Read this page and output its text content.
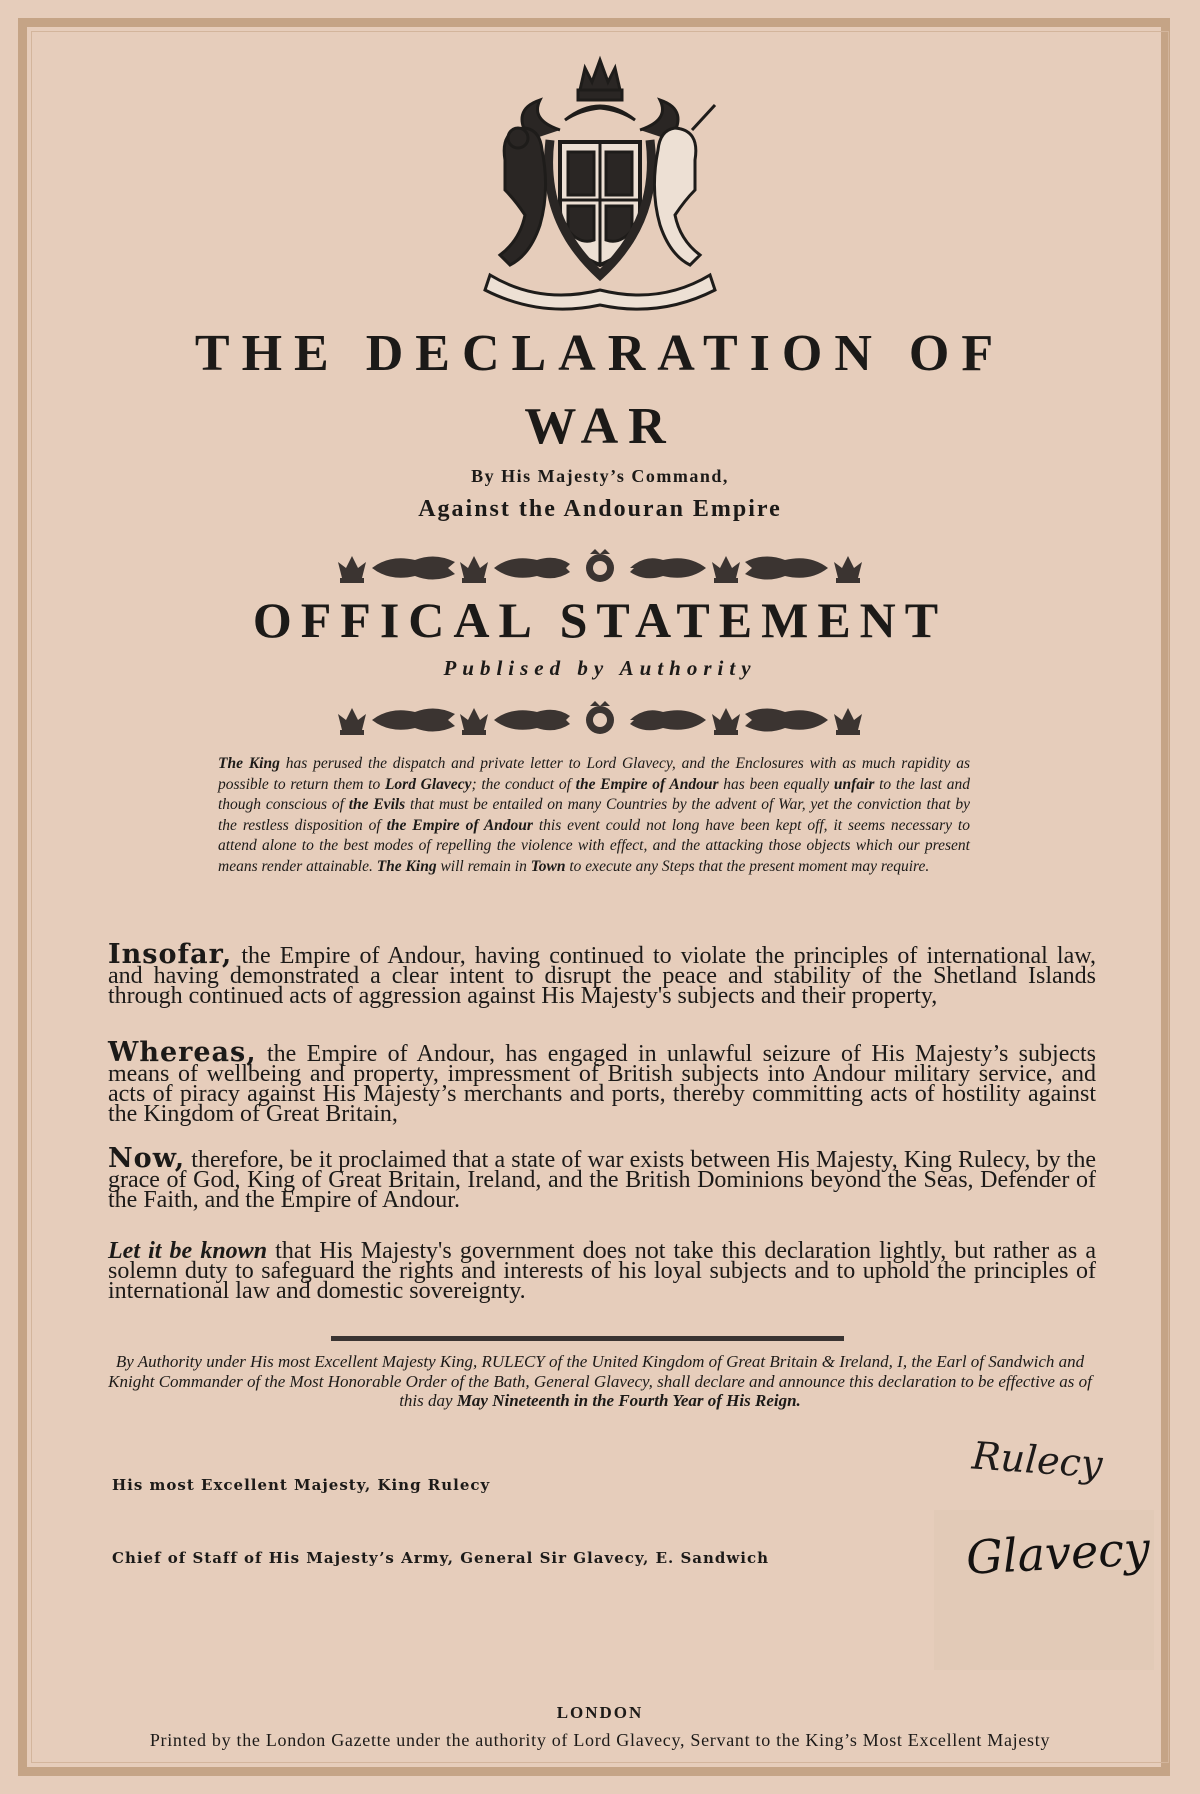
THE DECLARATION OF
WAR
By His Majesty’s Command,
Against the Andouran Empire
OFFICAL STATEMENT
Publised by Authority
The King has perused the dispatch and private letter to Lord Glavecy, and the Enclosures with as much rapidity as possible to return them to Lord Glavecy; the conduct of the Empire of Andour has been equally unfair to the last and though conscious of the Evils that must be entailed on many Countries by the advent of War, yet the conviction that by the restless disposition of the Empire of Andour this event could not long have been kept off, it seems necessary to attend alone to the best modes of repelling the violence with effect, and the attacking those objects which our present means render attainable. The King will remain in Town to execute any Steps that the present moment may require.
Insofar, the Empire of Andour, having continued to violate the principles of international law, and having demonstrated a clear intent to disrupt the peace and stability of the Shetland Islands through continued acts of aggression against His Majesty's subjects and their property,
Whereas, the Empire of Andour, has engaged in unlawful seizure of His Majesty’s subjects means of wellbeing and property, impressment of British subjects into Andour military service, and acts of piracy against His Majesty’s merchants and ports, thereby committing acts of hostility against the Kingdom of Great Britain,
Now, therefore, be it proclaimed that a state of war exists between His Majesty, King Rulecy, by the grace of God, King of Great Britain, Ireland, and the British Dominions beyond the Seas, Defender of the Faith, and the Empire of Andour.
Let it be known that His Majesty's government does not take this declaration lightly, but rather as a solemn duty to safeguard the rights and interests of his loyal subjects and to uphold the principles of international law and domestic sovereignty.
By Authority under His most Excellent Majesty King, RULECY of the United Kingdom of Great Britain & Ireland, I, the Earl of Sandwich and Knight Commander of the Most Honorable Order of the Bath, General Glavecy, shall declare and announce this declaration to be effective as of this day May Nineteenth in the Fourth Year of His Reign.
His most Excellent Majesty, King Rulecy
Chief of Staff of His Majesty’s Army, General Sir Glavecy, E. Sandwich
Rulecy
Glavecy
LONDON
Printed by the London Gazette under the authority of Lord Glavecy, Servant to the King’s Most Excellent Majesty
